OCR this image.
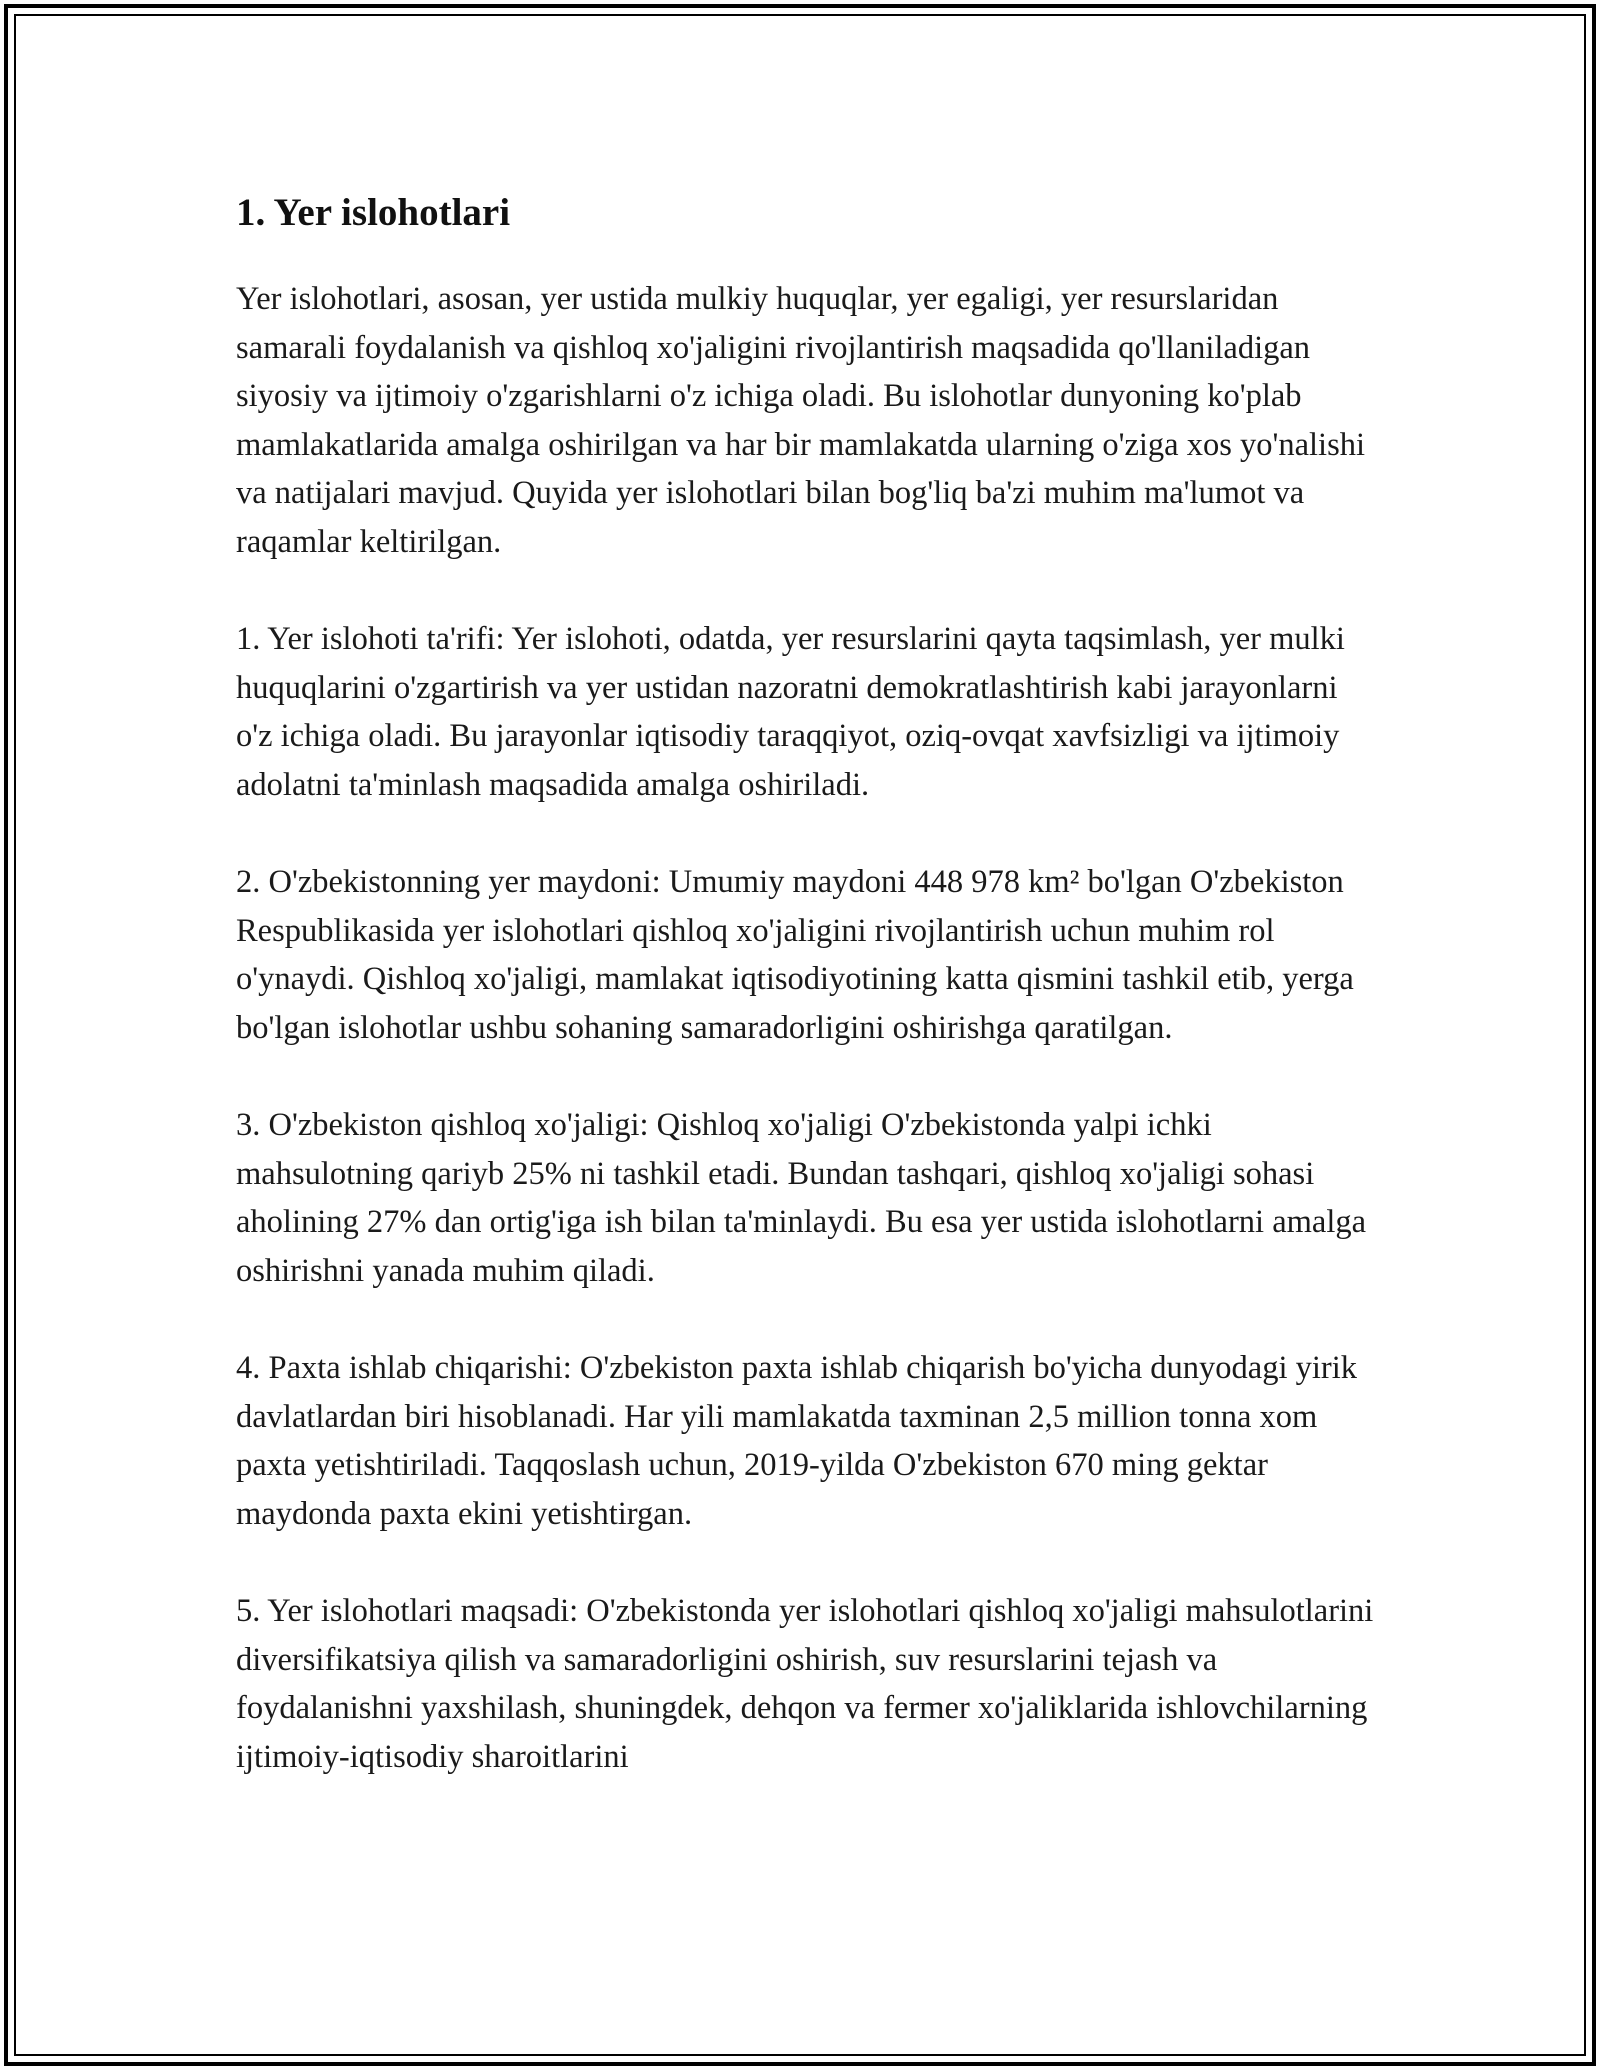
1. Yer islohotlari

Yer islohotlari, asosan, yer ustida mulkiy huquqlar, yer egaligi, yer resurslaridan samarali foydalanish va qishloq xo'jaligini rivojlantirish maqsadida qo'llaniladigan siyosiy va ijtimoiy o'zgarishlarni o'z ichiga oladi. Bu islohotlar dunyoning ko'plab mamlakatlarida amalga oshirilgan va har bir mamlakatda ularning o'ziga xos yo'nalishi va natijalari mavjud. Quyida yer islohotlari bilan bog'liq ba'zi muhim ma'lumot va raqamlar keltirilgan.

1. Yer islohoti ta'rifi: Yer islohoti, odatda, yer resurslarini qayta taqsimlash, yer mulki huquqlarini o'zgartirish va yer ustidan nazoratni demokratlashtirish kabi jarayonlarni o'z ichiga oladi. Bu jarayonlar iqtisodiy taraqqiyot, oziq-ovqat xavfsizligi va ijtimoiy adolatni ta'minlash maqsadida amalga oshiriladi.

2. O'zbekistonning yer maydoni: Umumiy maydoni 448 978 km² bo'lgan O'zbekiston Respublikasida yer islohotlari qishloq xo'jaligini rivojlantirish uchun muhim rol o'ynaydi. Qishloq xo'jaligi, mamlakat iqtisodiyotining katta qismini tashkil etib, yerga bo'lgan islohotlar ushbu sohaning samaradorligini oshirishga qaratilgan.

3. O'zbekiston qishloq xo'jaligi: Qishloq xo'jaligi O'zbekistonda yalpi ichki mahsulotning qariyb 25% ni tashkil etadi. Bundan tashqari, qishloq xo'jaligi sohasi aholining 27% dan ortig'iga ish bilan ta'minlaydi. Bu esa yer ustida islohotlarni amalga oshirishni yanada muhim qiladi.

4. Paxta ishlab chiqarishi: O'zbekiston paxta ishlab chiqarish bo'yicha dunyodagi yirik davlatlardan biri hisoblanadi. Har yili mamlakatda taxminan 2,5 million tonna xom paxta yetishtiriladi. Taqqoslash uchun, 2019-yilda O'zbekiston 670 ming gektar maydonda paxta ekini yetishtirgan.

5. Yer islohotlari maqsadi: O'zbekistonda yer islohotlari qishloq xo'jaligi mahsulotlarini diversifikatsiya qilish va samaradorligini oshirish, suv resurslarini tejash va foydalanishni yaxshilash, shuningdek, dehqon va fermer xo'jaliklarida ishlovchilarning ijtimoiy-iqtisodiy sharoitlarini
